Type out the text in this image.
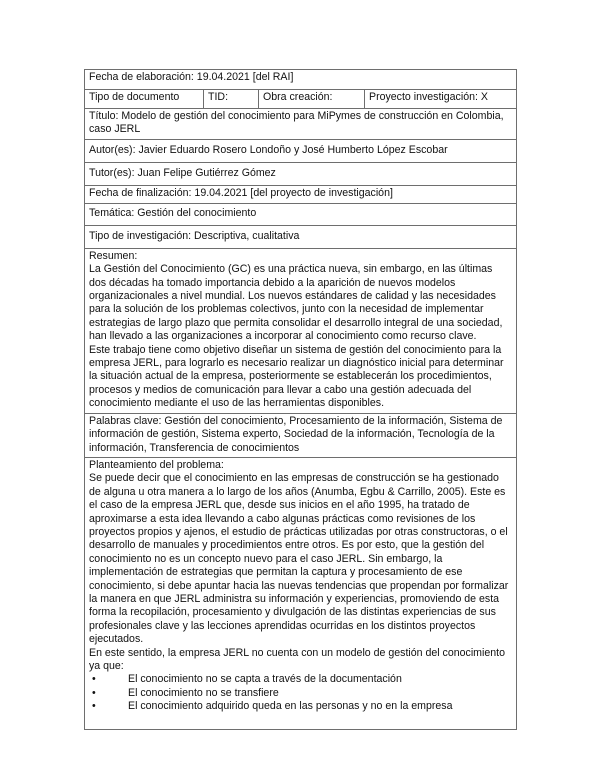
Fecha de elaboración: 19.04.2021 [del RAI]
Tipo de documento	TID:	Obra creación:	Proyecto investigación: X
Título: Modelo de gestión del conocimiento para MiPymes de construcción en Colombia, caso JERL
Autor(es): Javier Eduardo Rosero Londoño y José Humberto López Escobar
Tutor(es): Juan Felipe Gutiérrez Gómez
Fecha de finalización: 19.04.2021 [del proyecto de investigación]
Temática: Gestión del conocimiento
Tipo de investigación: Descriptiva, cualitativa

Resumen:

La Gestión del Conocimiento (GC) es una práctica nueva, sin embargo, en las últimas dos décadas ha tomado importancia debido a la aparición de nuevos modelos organizacionales a nivel mundial. Los nuevos estándares de calidad y las necesidades para la solución de los problemas colectivos, junto con la necesidad de implementar estrategias de largo plazo que permita consolidar el desarrollo integral de una sociedad, han llevado a las organizaciones a incorporar al conocimiento como recurso clave.

Este trabajo tiene como objetivo diseñar un sistema de gestión del conocimiento para la empresa JERL, para lograrlo es necesario realizar un diagnóstico inicial para determinar la situación actual de la empresa, posteriormente se establecerán los procedimientos, procesos y medios de comunicación para llevar a cabo una gestión adecuada del conocimiento mediante el uso de las herramientas disponibles.

Palabras clave: Gestión del conocimiento, Procesamiento de la información, Sistema de información de gestión, Sistema experto, Sociedad de la información, Tecnología de la información, Transferencia de conocimientos

Planteamiento del problema:

Se puede decir que el conocimiento en las empresas de construcción se ha gestionado de alguna u otra manera a lo largo de los años (Anumba, Egbu & Carrillo, 2005). Este es el caso de la empresa JERL que, desde sus inicios en el año 1995, ha tratado de aproximarse a esta idea llevando a cabo algunas prácticas como revisiones de los proyectos propios y ajenos, el estudio de prácticas utilizadas por otras constructoras, o el desarrollo de manuales y procedimientos entre otros. Es por esto, que la gestión del conocimiento no es un concepto nuevo para el caso JERL. Sin embargo, la implementación de estrategias que permitan la captura y procesamiento de ese conocimiento, si debe apuntar hacia las nuevas tendencias que propendan por formalizar la manera en que JERL administra su información y experiencias, promoviendo de esta forma la recopilación, procesamiento y divulgación de las distintas experiencias de sus profesionales clave y las lecciones aprendidas ocurridas en los distintos proyectos ejecutados.

En este sentido, la empresa JERL no cuenta con un modelo de gestión del conocimiento ya que:

•	El conocimiento no se capta a través de la documentación
•	El conocimiento no se transfiere
•	El conocimiento adquirido queda en las personas y no en la empresa
